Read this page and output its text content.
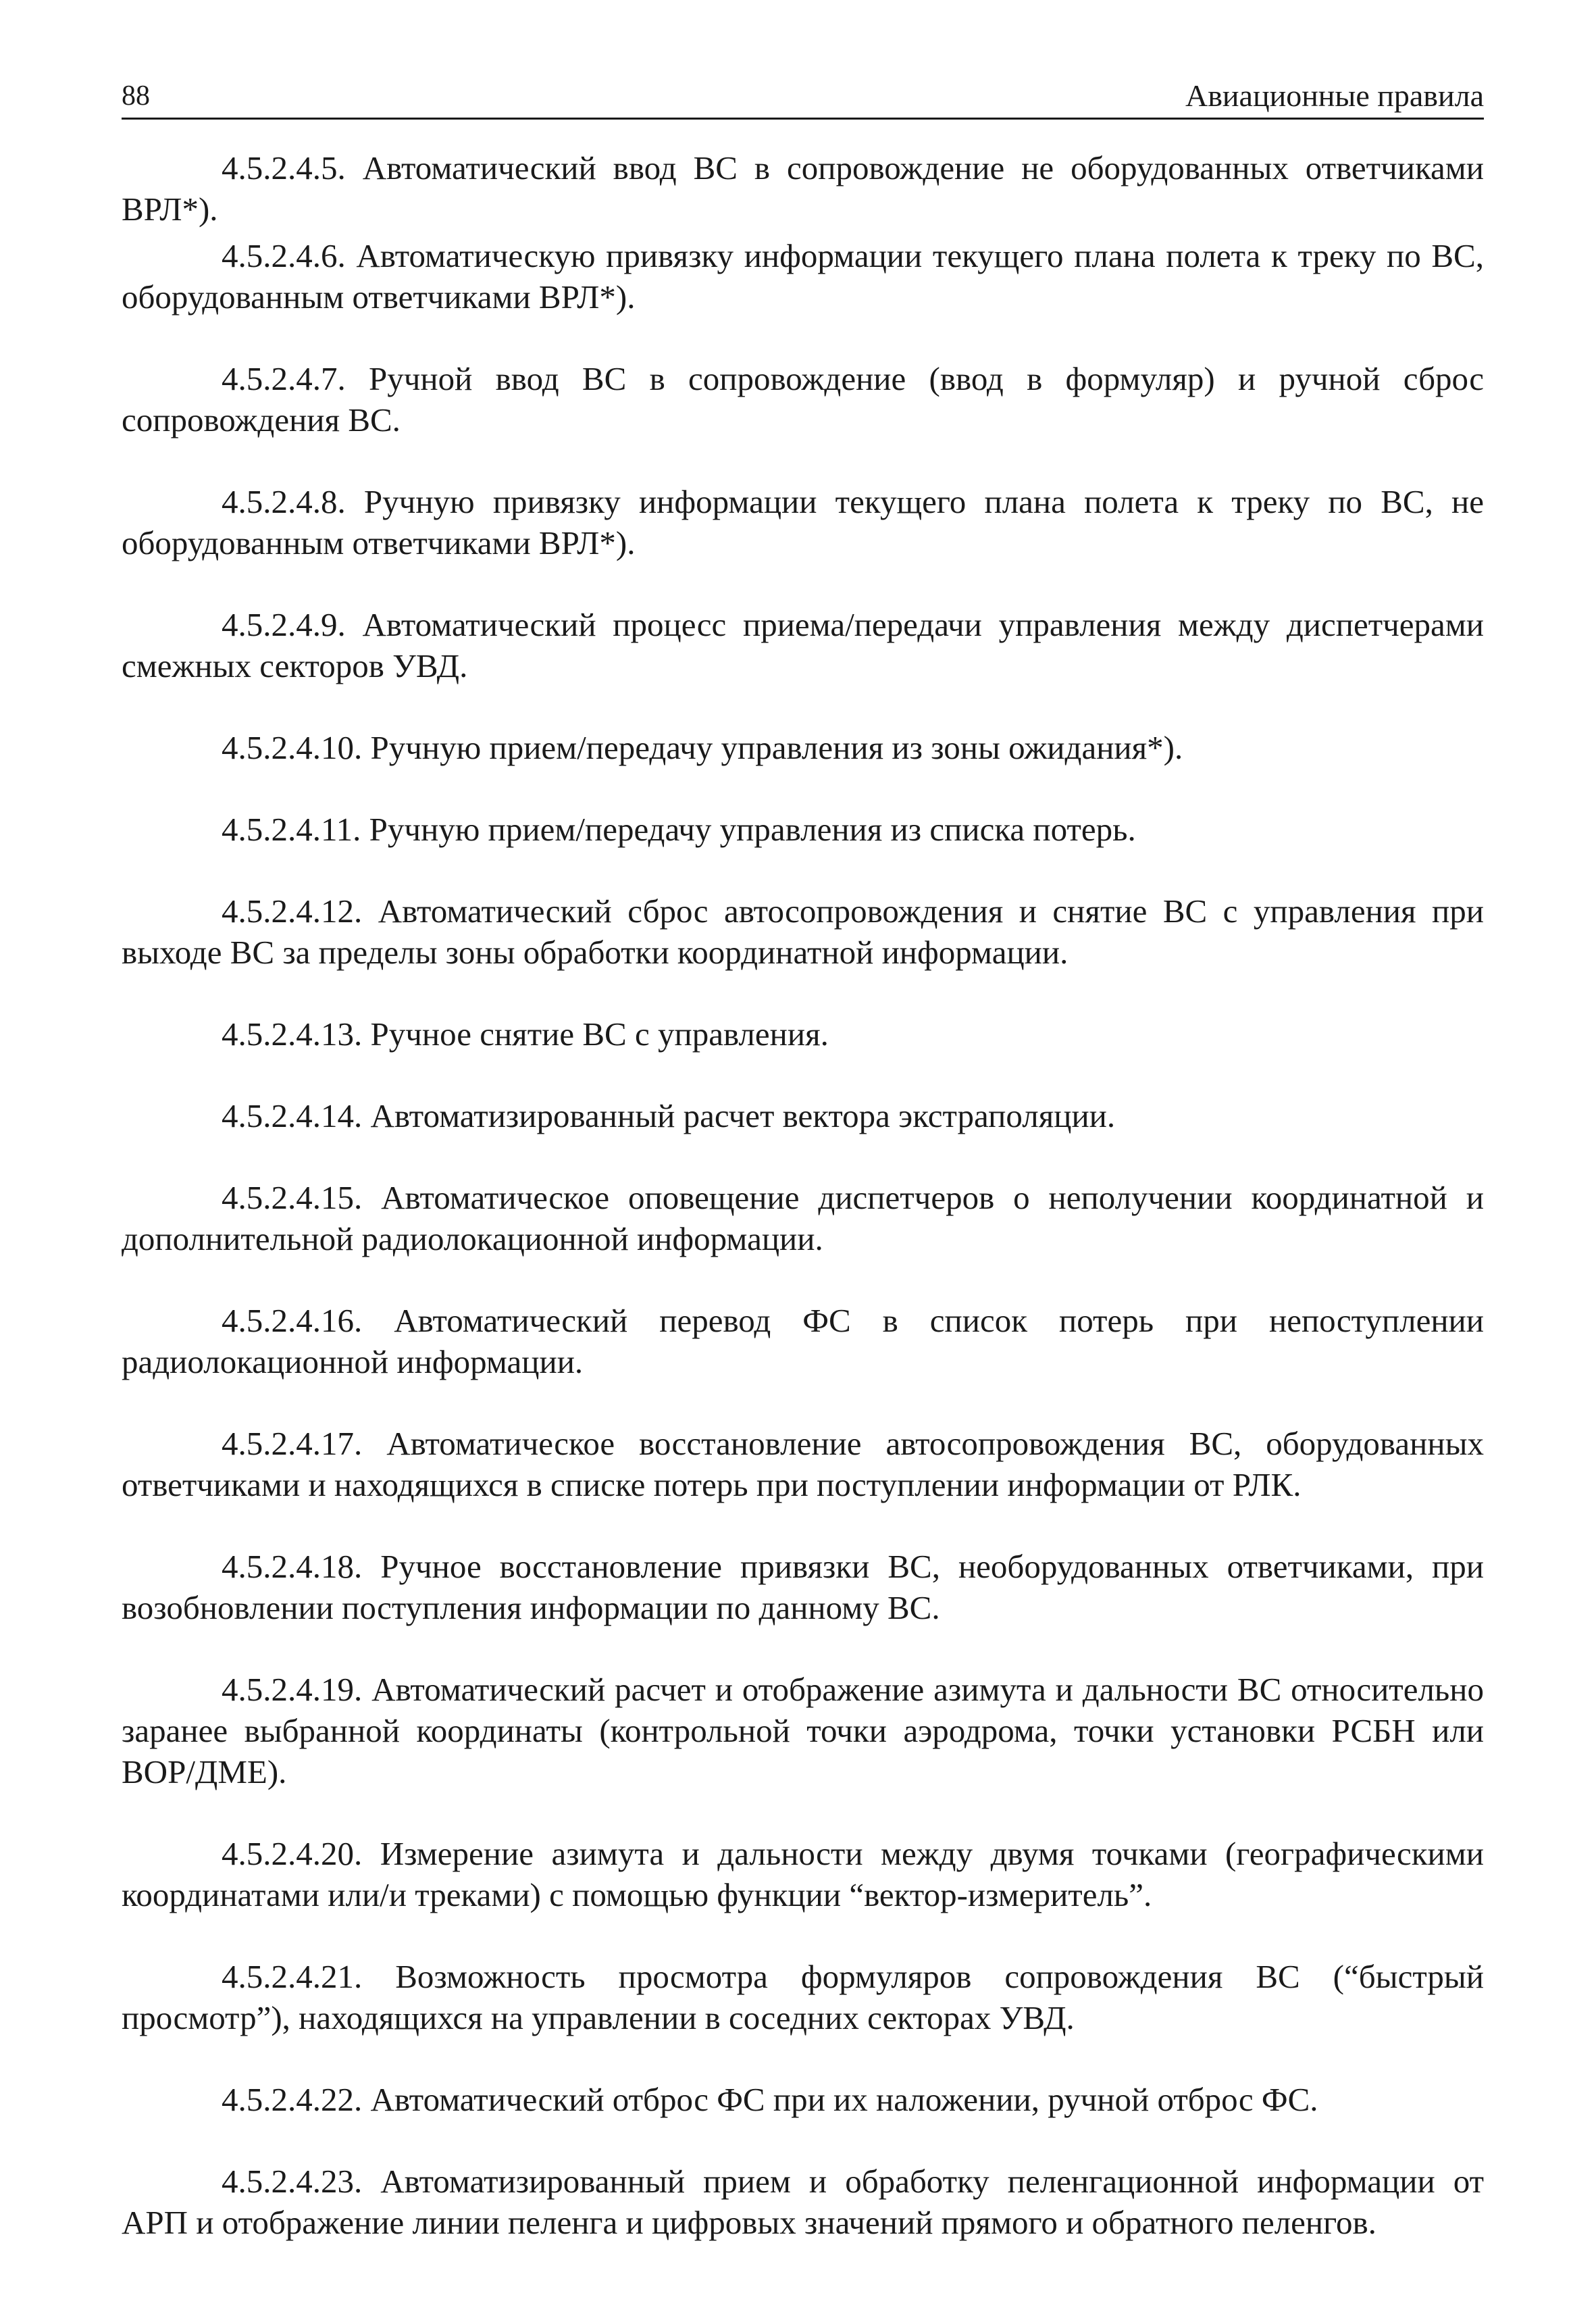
88	Авиационные правила

4.5.2.4.5. Автоматический ввод ВС в сопровождение не оборудованных ответчиками ВРЛ*).

4.5.2.4.6. Автоматическую привязку информации текущего плана полета к треку по ВС, оборудованным ответчиками ВРЛ*).

4.5.2.4.7. Ручной ввод ВС в сопровождение (ввод в формуляр) и ручной сброс сопровождения ВС.

4.5.2.4.8. Ручную привязку информации текущего плана полета к треку по ВС, не оборудованным ответчиками ВРЛ*).

4.5.2.4.9. Автоматический процесс приема/передачи управления между диспетчерами смежных секторов УВД.

4.5.2.4.10. Ручную прием/передачу управления из зоны ожидания*).

4.5.2.4.11. Ручную прием/передачу управления из списка потерь.

4.5.2.4.12. Автоматический сброс автосопровождения и снятие ВС с управления при выходе ВС за пределы зоны обработки координатной информации.

4.5.2.4.13. Ручное снятие ВС с управления.

4.5.2.4.14. Автоматизированный расчет вектора экстраполяции.

4.5.2.4.15. Автоматическое оповещение диспетчеров о неполучении координатной и дополнительной радиолокационной информации.

4.5.2.4.16. Автоматический перевод ФС в список потерь при непоступлении радиолокационной информации.

4.5.2.4.17. Автоматическое восстановление автосопровождения ВС, оборудованных ответчиками и находящихся в списке потерь при поступлении информации от РЛК.

4.5.2.4.18. Ручное восстановление привязки ВС, необорудованных ответчиками, при возобновлении поступления информации по данному ВС.

4.5.2.4.19. Автоматический расчет и отображение азимута и дальности ВС относительно заранее выбранной координаты (контрольной точки аэродрома, точки установки РСБН или ВОР/ДМЕ).

4.5.2.4.20. Измерение азимута и дальности между двумя точками (географическими координатами или/и треками) с помощью функции “вектор-измеритель”.

4.5.2.4.21. Возможность просмотра формуляров сопровождения ВС (“быстрый просмотр”), находящихся на управлении в соседних секторах УВД.

4.5.2.4.22. Автоматический отброс ФС при их наложении, ручной отброс ФС.

4.5.2.4.23. Автоматизированный прием и обработку пеленгационной информации от АРП и отображение линии пеленга и цифровых значений прямого и обратного пеленгов.
